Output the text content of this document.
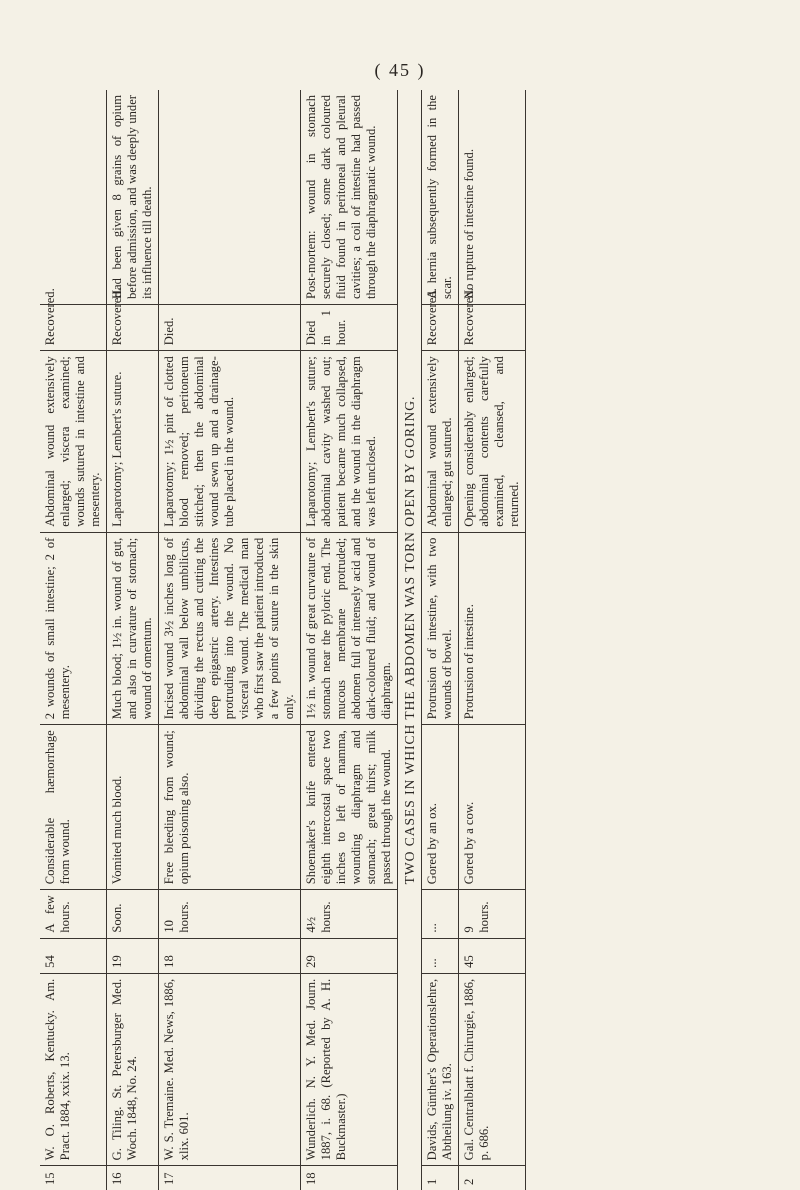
( 45 )
15	W. O. Roberts, Kentucky. Am. Pract. 1884, xxix. 13.	54	A few hours.	Considerable hæmorrhage from wound.	2 wounds of small intestine; 2 of mesentery.	Abdominal wound extensively enlarged; viscera examined; wounds sutured in intestine and mesentery.	Recovered.	
16	G. Tiling. St. Petersburger Med. Woch. 1848, No. 24.	19	Soon.	Vomited much blood.	Much blood; 1½ in. wound of gut, and also in curvature of stomach; wound of omentum.	Laparotomy; Lembert's suture.	Recovered.	Had been given 8 grains of opium before admission, and was deeply under its influence till death.
17	W. S. Tremaine. Med. News, 1886, xlix. 601.	18	10 hours.	Free bleeding from wound; opium poisoning also.	Incised wound 3½ inches long of abdominal wall below umbilicus, dividing the rectus and cutting the deep epigastric artery. Intestines protruding into the wound. No visceral wound. The medical man who first saw the patient introduced a few points of suture in the skin only.	Laparotomy; 1½ pint of clotted blood removed; peritoneum stitched; then the abdominal wound sewn up and a drainage-tube placed in the wound.	Died.	
18	Wunderlich. N. Y. Med. Journ. 1887, i. 68. (Reported by A. H. Buckmaster.)	29	4½ hours.	Shoemaker's knife entered eighth intercostal space two inches to left of mamma, wounding diaphragm and stomach; great thirst; milk passed through the wound.	1½ in. wound of great curvature of stomach near the pyloric end. The mucous membrane protruded; abdomen full of intensely acid and dark-coloured fluid; and wound of diaphragm.	Laparotomy; Lembert's suture; abdominal cavity washed out; patient became much collapsed, and the wound in the diaphragm was left unclosed.	Died in 1 hour.	Post-mortem: wound in stomach securely closed; some dark coloured fluid found in peritoneal and pleural cavities; a coil of intestine had passed through the diaphragmatic wound.
TWO CASES IN WHICH THE ABDOMEN WAS TORN OPEN BY GORING.								
1	Davids, Günther's Operationslehre, Abtheilung iv. 163.	...	...	Gored by an ox.	Protrusion of intestine, with two wounds of bowel.	Abdominal wound extensively enlarged; gut sutured.	Recovered.	A hernia subsequently formed in the scar.
2	Gal. Centralblatt f. Chirurgie, 1886, p. 686.	45	9 hours.	Gored by a cow.	Protrusion of intestine.	Opening considerably enlarged; abdominal contents carefully examined, cleansed, and returned.	Recovered.	No rupture of intestine found.
